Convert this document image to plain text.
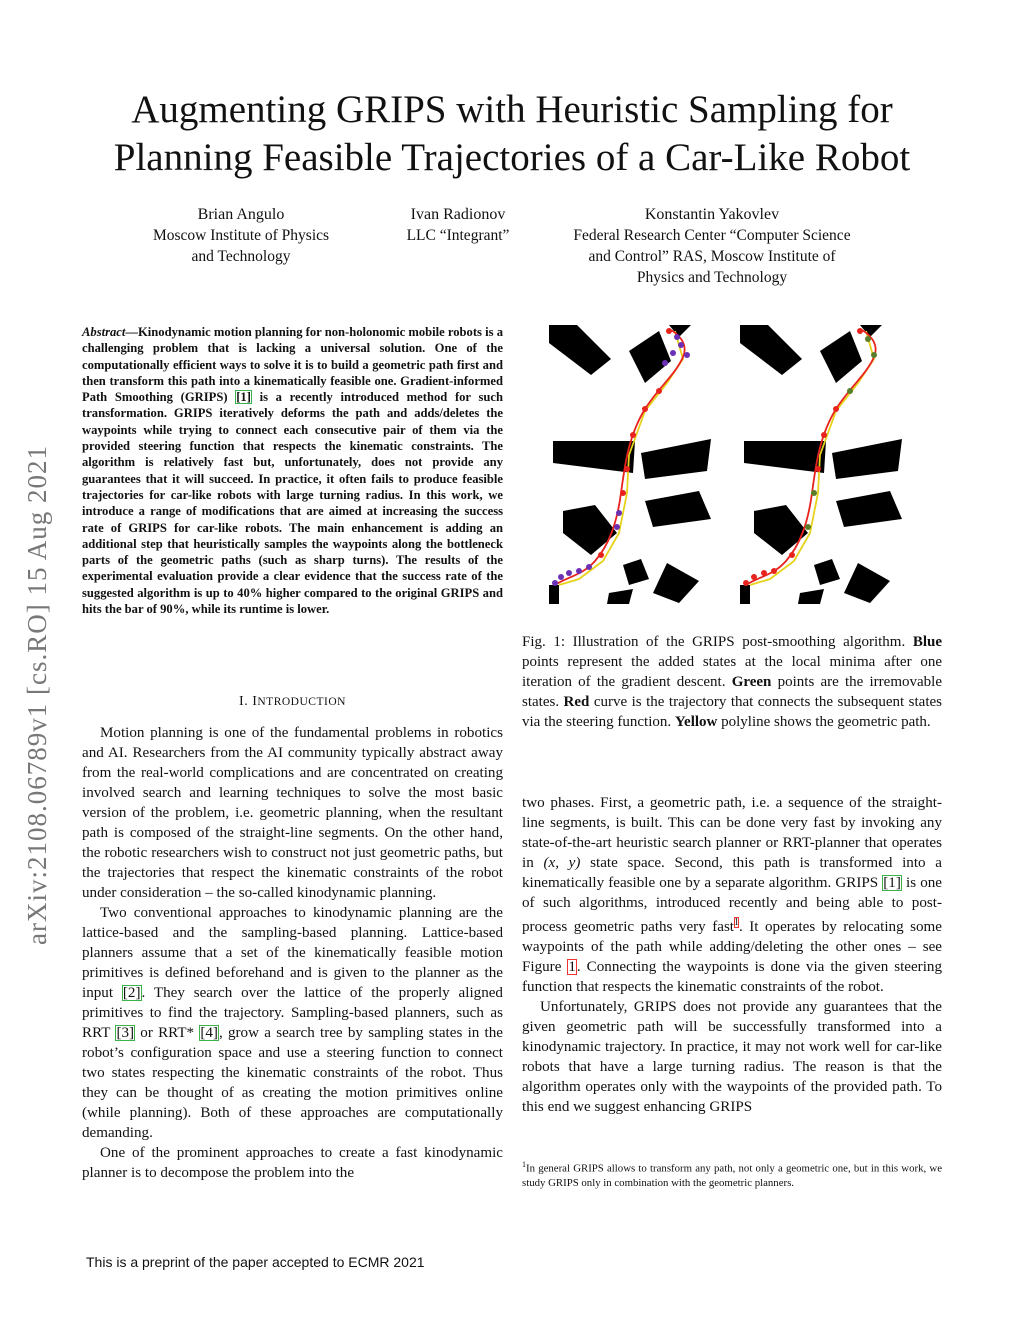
Augmenting GRIPS with Heuristic Sampling for
Planning Feasible Trajectories of a Car-Like Robot
Brian Angulo
Moscow Institute of Physics
and Technology
Ivan Radionov
LLC “Integrant”
Konstantin Yakovlev
Federal Research Center “Computer Science
and Control” RAS, Moscow Institute of
Physics and Technology
arXiv:2108.06789v1 [cs.RO] 15 Aug 2021
Abstract—Kinodynamic motion planning for non-holonomic mobile robots is a challenging problem that is lacking a universal solution. One of the computationally efficient ways to solve it is to build a geometric path first and then transform this path into a kinematically feasible one. Gradient-informed Path Smoothing (GRIPS) [1] is a recently introduced method for such transformation. GRIPS iteratively deforms the path and adds/deletes the waypoints while trying to connect each consecutive pair of them via the provided steering function that respects the kinematic constraints. The algorithm is relatively fast but, unfortunately, does not provide any guarantees that it will succeed. In practice, it often fails to produce feasible trajectories for car-like robots with large turning radius. In this work, we introduce a range of modifications that are aimed at increasing the success rate of GRIPS for car-like robots. The main enhancement is adding an additional step that heuristically samples the waypoints along the bottleneck parts of the geometric paths (such as sharp turns). The results of the experimental evaluation provide a clear evidence that the success rate of the suggested algorithm is up to 40% higher compared to the original GRIPS and hits the bar of 90%, while its runtime is lower.
I. INTRODUCTION

Motion planning is one of the fundamental problems in robotics and AI. Researchers from the AI community typically abstract away from the real-world complications and are concentrated on creating involved search and learning techniques to solve the most basic version of the problem, i.e. geometric planning, when the resultant path is composed of the straight-line segments. On the other hand, the robotic researchers wish to construct not just geometric paths, but the trajectories that respect the kinematic constraints of the robot under consideration – the so-called kinodynamic planning.

Two conventional approaches to kinodynamic planning are the lattice-based and the sampling-based planning. Lattice-based planners assume that a set of the kinematically feasible motion primitives is defined beforehand and is given to the planner as the input [2]. They search over the lattice of the properly aligned primitives to find the trajectory. Sampling-based planners, such as RRT [3] or RRT* [4], grow a search tree by sampling states in the robot’s configuration space and use a steering function to connect two states respecting the kinematic constraints of the robot. Thus they can be thought of as creating the motion primitives online (while planning). Both of these approaches are computationally demanding.

One of the prominent approaches to create a fast kinodynamic planner is to decompose the problem into the

Fig. 1: Illustration of the GRIPS post-smoothing algorithm. Blue points represent the added states at the local minima after one iteration of the gradient descent. Green points are the irremovable states. Red curve is the trajectory that connects the subsequent states via the steering function. Yellow polyline shows the geometric path.

two phases. First, a geometric path, i.e. a sequence of the straight-line segments, is built. This can be done very fast by invoking any state-of-the-art heuristic search planner or RRT-planner that operates in (x, y) state space. Second, this path is transformed into a kinematically feasible one by a separate algorithm. GRIPS [1] is one of such algorithms, introduced recently and being able to post-process geometric paths very fast$^1$. It operates by relocating some waypoints of the path while adding/deleting the other ones – see Figure 1. Connecting the waypoints is done via the given steering function that respects the kinematic constraints of the robot.

Unfortunately, GRIPS does not provide any guarantees that the given geometric path will be successfully transformed into a kinodynamic trajectory. In practice, it may not work well for car-like robots that have a large turning radius. The reason is that the algorithm operates only with the waypoints of the provided path. To this end we suggest enhancing GRIPS

$^1$In general GRIPS allows to transform any path, not only a geometric one, but in this work, we study GRIPS only in combination with the geometric planners.
This is a preprint of the paper accepted to ECMR 2021
